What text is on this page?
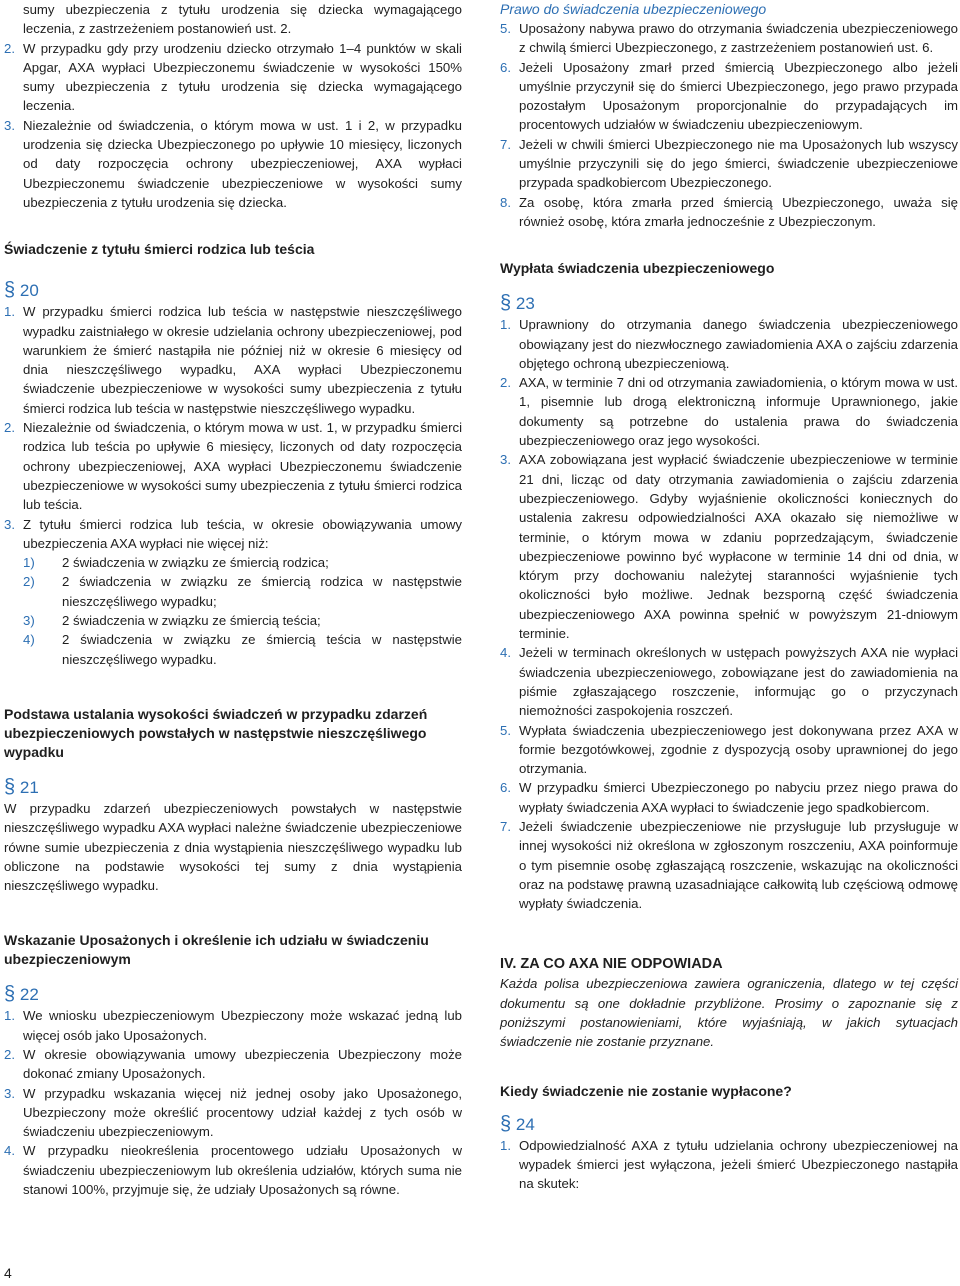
sumy ubezpieczenia z tytułu urodzenia się dziecka wymagającego leczenia, z zastrzeżeniem postanowień ust. 2.
2. W przypadku gdy przy urodzeniu dziecko otrzymało 1–4 punktów w skali Apgar, AXA wypłaci Ubezpieczonemu świadczenie w wysokości 150% sumy ubezpieczenia z tytułu urodzenia się dziecka wymagającego leczenia.
3. Niezależnie od świadczenia, o którym mowa w ust. 1 i 2, w przypadku urodzenia się dziecka Ubezpieczonego po upływie 10 miesięcy, liczonych od daty rozpoczęcia ochrony ubezpieczeniowej, AXA wypłaci Ubezpieczonemu świadczenie ubezpieczeniowe w wysokości sumy ubezpieczenia z tytułu urodzenia się dziecka.
Świadczenie z tytułu śmierci rodzica lub teścia
§ 20
1. W przypadku śmierci rodzica lub teścia w następstwie nieszczęśliwego wypadku zaistniałego w okresie udzielania ochrony ubezpieczeniowej, pod warunkiem że śmierć nastąpiła nie później niż w okresie 6 miesięcy od dnia nieszczęśliwego wypadku, AXA wypłaci Ubezpieczonemu świadczenie ubezpieczeniowe w wysokości sumy ubezpieczenia z tytułu śmierci rodzica lub teścia w następstwie nieszczęśliwego wypadku.
2. Niezależnie od świadczenia, o którym mowa w ust. 1, w przypadku śmierci rodzica lub teścia po upływie 6 miesięcy, liczonych od daty rozpoczęcia ochrony ubezpieczeniowej, AXA wypłaci Ubezpieczonemu świadczenie ubezpieczeniowe w wysokości sumy ubezpieczenia z tytułu śmierci rodzica lub teścia.
3. Z tytułu śmierci rodzica lub teścia, w okresie obowiązywania umowy ubezpieczenia AXA wypłaci nie więcej niż:
1) 2 świadczenia w związku ze śmiercią rodzica;
2) 2 świadczenia w związku ze śmiercią rodzica w następstwie nieszczęśliwego wypadku;
3) 2 świadczenia w związku ze śmiercią teścia;
4) 2 świadczenia w związku ze śmiercią teścia w następstwie nieszczęśliwego wypadku.
Podstawa ustalania wysokości świadczeń w przypadku zdarzeń ubezpieczeniowych powstałych w następstwie nieszczęśliwego wypadku
§ 21
W przypadku zdarzeń ubezpieczeniowych powstałych w następstwie nieszczęśliwego wypadku AXA wypłaci należne świadczenie ubezpieczeniowe równe sumie ubezpieczenia z dnia wystąpienia nieszczęśliwego wypadku lub obliczone na podstawie wysokości tej sumy z dnia wystąpienia nieszczęśliwego wypadku.
Wskazanie Uposażonych i określenie ich udziału w świadczeniu ubezpieczeniowym
§ 22
1. We wniosku ubezpieczeniowym Ubezpieczony może wskazać jedną lub więcej osób jako Uposażonych.
2. W okresie obowiązywania umowy ubezpieczenia Ubezpieczony może dokonać zmiany Uposażonych.
3. W przypadku wskazania więcej niż jednej osoby jako Uposażonego, Ubezpieczony może określić procentowy udział każdej z tych osób w świadczeniu ubezpieczeniowym.
4. W przypadku nieokreślenia procentowego udziału Uposażonych w świadczeniu ubezpieczeniowym lub określenia udziałów, których suma nie stanowi 100%, przyjmuje się, że udziały Uposażonych są równe.
Prawo do świadczenia ubezpieczeniowego
5. Uposażony nabywa prawo do otrzymania świadczenia ubezpieczeniowego z chwilą śmierci Ubezpieczonego, z zastrzeżeniem postanowień ust. 6.
6. Jeżeli Uposażony zmarł przed śmiercią Ubezpieczonego albo jeżeli umyślnie przyczynił się do śmierci Ubezpieczonego, jego prawo przypada pozostałym Uposażonym proporcjonalnie do przypadających im procentowych udziałów w świadczeniu ubezpieczeniowym.
7. Jeżeli w chwili śmierci Ubezpieczonego nie ma Uposażonych lub wszyscy umyślnie przyczynili się do jego śmierci, świadczenie ubezpieczeniowe przypada spadkobiercom Ubezpieczonego.
8. Za osobę, która zmarła przed śmiercią Ubezpieczonego, uważa się również osobę, która zmarła jednocześnie z Ubezpieczonym.
Wypłata świadczenia ubezpieczeniowego
§ 23
1. Uprawniony do otrzymania danego świadczenia ubezpieczeniowego obowiązany jest do niezwłocznego zawiadomienia AXA o zajściu zdarzenia objętego ochroną ubezpieczeniową.
2. AXA, w terminie 7 dni od otrzymania zawiadomienia, o którym mowa w ust. 1, pisemnie lub drogą elektroniczną informuje Uprawnionego, jakie dokumenty są potrzebne do ustalenia prawa do świadczenia ubezpieczeniowego oraz jego wysokości.
3. AXA zobowiązana jest wypłacić świadczenie ubezpieczeniowe w terminie 21 dni, licząc od daty otrzymania zawiadomienia o zajściu zdarzenia ubezpieczeniowego. Gdyby wyjaśnienie okoliczności koniecznych do ustalenia zakresu odpowiedzialności AXA okazało się niemożliwe w terminie, o którym mowa w zdaniu poprzedzającym, świadczenie ubezpieczeniowe powinno być wypłacone w terminie 14 dni od dnia, w którym przy dochowaniu należytej staranności wyjaśnienie tych okoliczności było możliwe. Jednak bezsporną część świadczenia ubezpieczeniowego AXA powinna spełnić w powyższym 21-dniowym terminie.
4. Jeżeli w terminach określonych w ustępach powyższych AXA nie wypłaci świadczenia ubezpieczeniowego, zobowiązane jest do zawiadomienia na piśmie zgłaszającego roszczenie, informując go o przyczynach niemożności zaspokojenia roszczeń.
5. Wypłata świadczenia ubezpieczeniowego jest dokonywana przez AXA w formie bezgotówkowej, zgodnie z dyspozycją osoby uprawnionej do jego otrzymania.
6. W przypadku śmierci Ubezpieczonego po nabyciu przez niego prawa do wypłaty świadczenia AXA wypłaci to świadczenie jego spadkobiercom.
7. Jeżeli świadczenie ubezpieczeniowe nie przysługuje lub przysługuje w innej wysokości niż określona w zgłoszonym roszczeniu, AXA poinformuje o tym pisemnie osobę zgłaszającą roszczenie, wskazując na okoliczności oraz na podstawę prawną uzasadniające całkowitą lub częściową odmowę wypłaty świadczenia.
IV. ZA CO AXA NIE ODPOWIADA
Każda polisa ubezpieczeniowa zawiera ograniczenia, dlatego w tej części dokumentu są one dokładnie przybliżone. Prosimy o zapoznanie się z poniższymi postanowieniami, które wyjaśniają, w jakich sytuacjach świadczenie nie zostanie przyznane.
Kiedy świadczenie nie zostanie wypłacone?
§ 24
1. Odpowiedzialność AXA z tytułu udzielania ochrony ubezpieczeniowej na wypadek śmierci jest wyłączona, jeżeli śmierć Ubezpieczonego nastąpiła na skutek:
4
